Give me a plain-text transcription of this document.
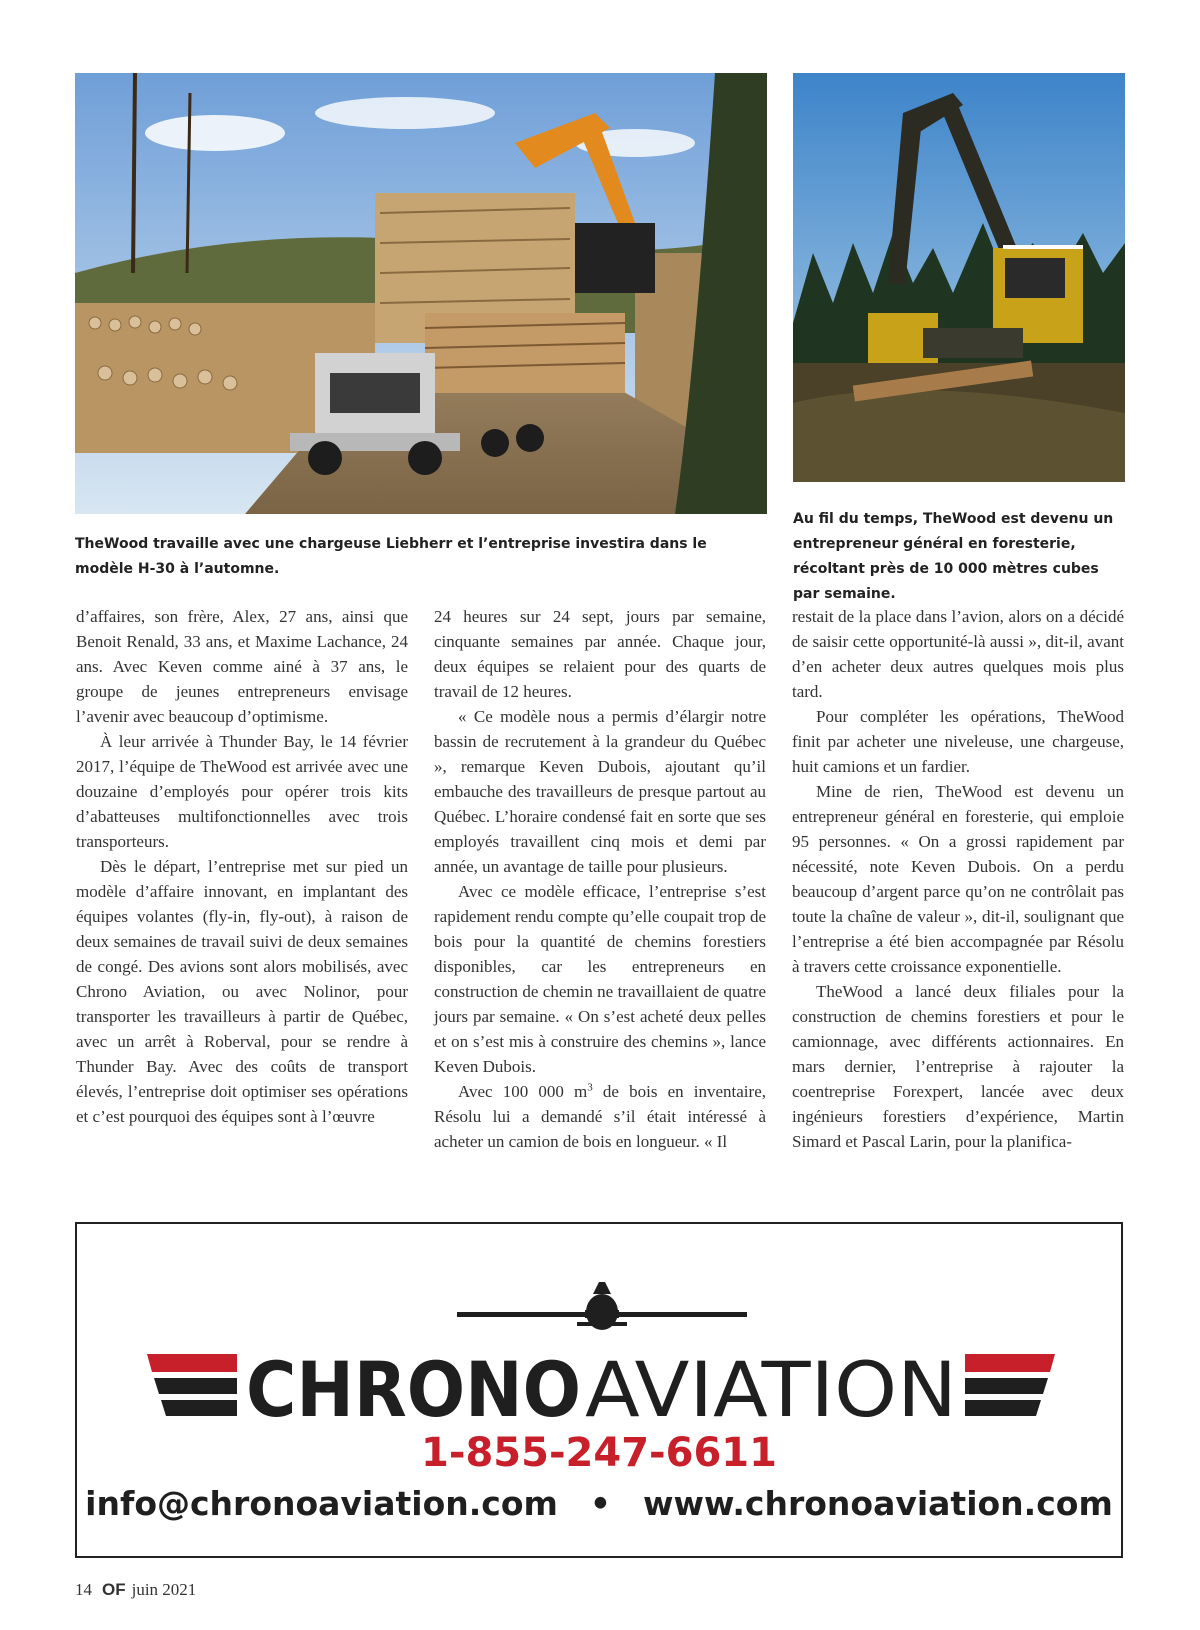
TheWood travaille avec une chargeuse Liebherr et l’entreprise investira dans le modèle H-30 à l’automne.
Au fil du temps, TheWood est devenu un entrepreneur général en foresterie, récoltant près de 10 000 mètres cubes par semaine.

d’affaires, son frère, Alex, 27 ans, ainsi que Benoit Renald, 33 ans, et Maxime Lachance, 24 ans. Avec Keven comme ainé à 37 ans, le groupe de jeunes entrepreneurs envisage l’avenir avec beaucoup d’optimisme.

À leur arrivée à Thunder Bay, le 14 février 2017, l’équipe de TheWood est arrivée avec une douzaine d’employés pour opérer trois kits d’abatteuses multifonctionnelles avec trois transporteurs.

Dès le départ, l’entreprise met sur pied un modèle d’affaire innovant, en implantant des équipes volantes (fly-in, fly-out), à raison de deux semaines de travail suivi de deux semaines de congé. Des avions sont alors mobilisés, avec Chrono Aviation, ou avec Nolinor, pour transporter les travailleurs à partir de Québec, avec un arrêt à Roberval, pour se rendre à Thunder Bay. Avec des coûts de transport élevés, l’entreprise doit optimiser ses opérations et c’est pourquoi des équipes sont à l’œuvre

24 heures sur 24 sept, jours par semaine, cinquante semaines par année. Chaque jour, deux équipes se relaient pour des quarts de travail de 12 heures.

« Ce modèle nous a permis d’élargir notre bassin de recrutement à la grandeur du Québec », remarque Keven Dubois, ajoutant qu’il embauche des travailleurs de presque partout au Québec. L’horaire condensé fait en sorte que ses employés travaillent cinq mois et demi par année, un avantage de taille pour plusieurs.

Avec ce modèle efficace, l’entreprise s’est rapidement rendu compte qu’elle coupait trop de bois pour la quantité de chemins forestiers disponibles, car les entrepreneurs en construction de chemin ne travaillaient de quatre jours par semaine. « On s’est acheté deux pelles et on s’est mis à construire des chemins », lance Keven Dubois.

Avec 100 000 $m^3$ de bois en inventaire, Résolu lui a demandé s’il était intéressé à acheter un camion de bois en longueur. « Il

restait de la place dans l’avion, alors on a décidé de saisir cette opportunité-là aussi », dit-il, avant d’en acheter deux autres quelques mois plus tard.

Pour compléter les opérations, TheWood finit par acheter une niveleuse, une chargeuse, huit camions et un fardier.

Mine de rien, TheWood est devenu un entrepreneur général en foresterie, qui emploie 95 personnes. « On a grossi rapidement par nécessité, note Keven Dubois. On a perdu beaucoup d’argent parce qu’on ne contrôlait pas toute la chaîne de valeur », dit-il, soulignant que l’entreprise a été bien accompagnée par Résolu à travers cette croissance exponentielle.

TheWood a lancé deux filiales pour la construction de chemins forestiers et pour le camionnage, avec différents actionnaires. En mars dernier, l’entreprise à rajouter la coentreprise Forexpert, lancée avec deux ingénieurs forestiers d’expérience, Martin Simard et Pascal Larin, pour la planifica-

CHRONO AVIATION
1-855-247-6611
info@chronoaviation.com • www.chronoaviation.com
14 OF juin 2021
